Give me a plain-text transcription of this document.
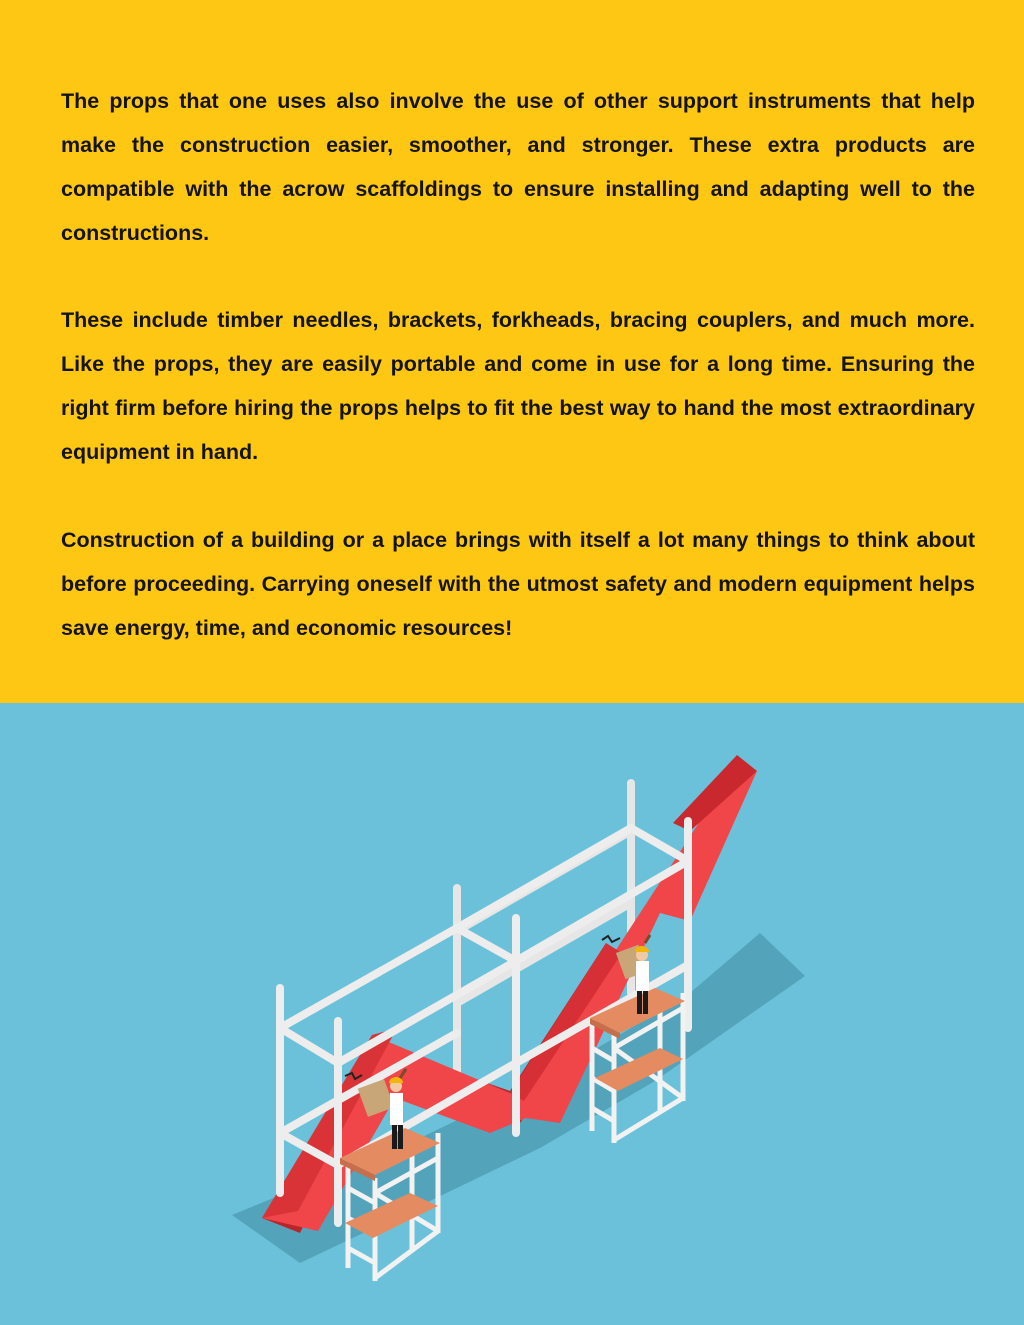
The props that one uses also involve the use of other support instruments that help make the construction easier, smoother, and stronger. These extra products are compatible with the acrow scaffoldings to ensure installing and adapting well to the constructions.

These include timber needles, brackets, forkheads, bracing couplers, and much more. Like the props, they are easily portable and come in use for a long time. Ensuring the right firm before hiring the props helps to fit the best way to hand the most extraordinary equipment in hand.

Construction of a building or a place brings with itself a lot many things to think about before proceeding. Carrying oneself with the utmost safety and modern equipment helps save energy, time, and economic resources!
